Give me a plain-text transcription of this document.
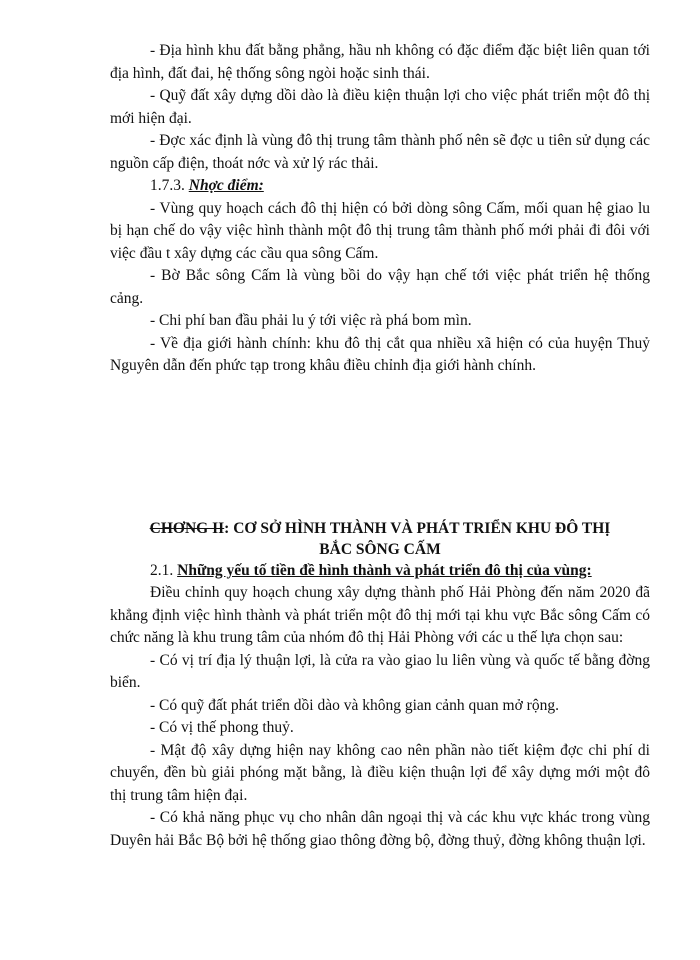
- Địa hình khu đất bằng phẳng, hầu nh không có đặc điểm đặc biệt liên quan tới địa hình, đất đai, hệ thống sông ngòi hoặc sinh thái.

- Quỹ đất xây dựng dồi dào là điều kiện thuận lợi cho việc phát triển một đô thị mới hiện đại.

- Đợc xác định là vùng đô thị trung tâm thành phố nên sẽ đợc u tiên sử dụng các nguồn cấp điện, thoát nớc và xử lý rác thải.

1.7.3. Nhợc điểm:

- Vùng quy hoạch cách đô thị hiện có bởi dòng sông Cấm, mối quan hệ giao lu bị hạn chế do vậy việc hình thành một đô thị trung tâm thành phố mới phải đi đôi với việc đầu t xây dựng các cầu qua sông Cấm.

- Bờ Bắc sông Cấm là vùng bồi do vậy hạn chế tới việc phát triển hệ thống cảng.

- Chi phí ban đầu phải lu ý tới việc rà phá bom mìn.

- Về địa giới hành chính: khu đô thị cắt qua nhiều xã hiện có của huyện Thuỷ Nguyên dẫn đến phức tạp trong khâu điều chỉnh địa giới hành chính.

CHƠNG II: CƠ SỞ HÌNH THÀNH VÀ PHÁT TRIỂN KHU ĐÔ THỊ

BẮC SÔNG CẤM

2.1. Những yếu tố tiền đề hình thành và phát triển đô thị của vùng:

Điều chỉnh quy hoạch chung xây dựng thành phố Hải Phòng đến năm 2020 đã khẳng định việc hình thành và phát triển một đô thị mới tại khu vực Bắc sông Cấm có chức năng là khu trung tâm của nhóm đô thị Hải Phòng với các u thế lựa chọn sau:

- Có vị trí địa lý thuận lợi, là cửa ra vào giao lu liên vùng và quốc tế bằng đờng biển.

- Có quỹ đất phát triển dồi dào và không gian cảnh quan mở rộng.

- Có vị thế phong thuỷ.

- Mật độ xây dựng hiện nay không cao nên phần nào tiết kiệm đợc chi phí di chuyển, đền bù giải phóng mặt bằng, là điều kiện thuận lợi để xây dựng mới một đô thị trung tâm hiện đại.

- Có khả năng phục vụ cho nhân dân ngoại thị và các khu vực khác trong vùng Duyên hải Bắc Bộ bởi hệ thống giao thông đờng bộ, đờng thuỷ, đờng không thuận lợi.
